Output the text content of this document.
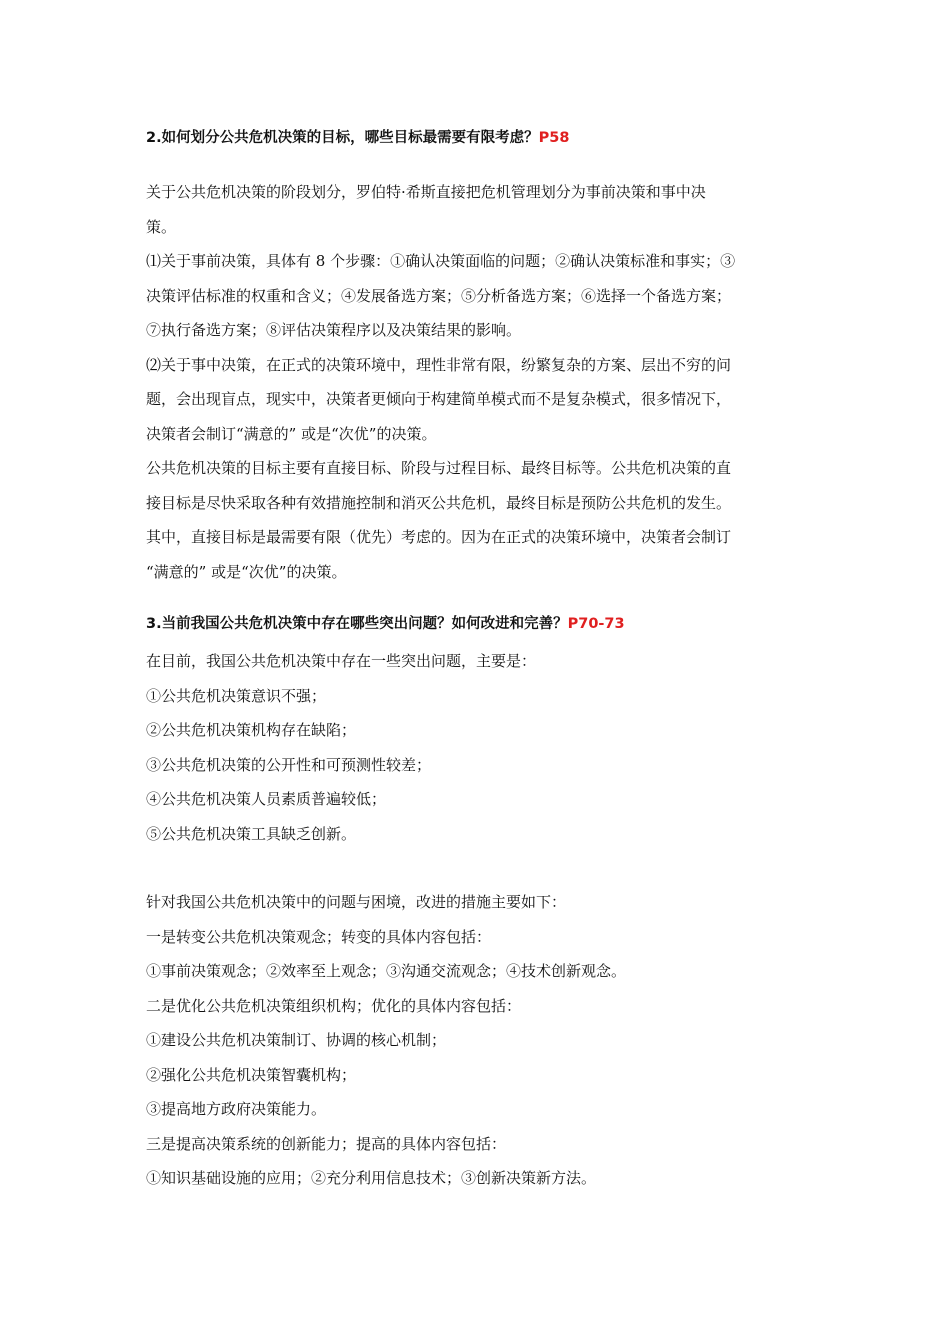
2.如何划分公共危机决策的目标，哪些目标最需要有限考虑？P58

关于公共危机决策的阶段划分，罗伯特·希斯直接把危机管理划分为事前决策和事中决

策。

⑴关于事前决策，具体有 8 个步骤：①确认决策面临的问题；②确认决策标准和事实；③

决策评估标准的权重和含义；④发展备选方案；⑤分析备选方案；⑥选择一个备选方案；

⑦执行备选方案；⑧评估决策程序以及决策结果的影响。

⑵关于事中决策，在正式的决策环境中，理性非常有限，纷繁复杂的方案、层出不穷的问

题，会出现盲点，现实中，决策者更倾向于构建简单模式而不是复杂模式，很多情况下，

决策者会制订“满意的” 或是“次优”的决策。

公共危机决策的目标主要有直接目标、阶段与过程目标、最终目标等。公共危机决策的直

接目标是尽快采取各种有效措施控制和消灭公共危机，最终目标是预防公共危机的发生。

其中，直接目标是最需要有限（优先）考虑的。因为在正式的决策环境中，决策者会制订

“满意的” 或是“次优”的决策。

3.当前我国公共危机决策中存在哪些突出问题？如何改进和完善？P70-73

在目前，我国公共危机决策中存在一些突出问题，主要是：

①公共危机决策意识不强；

②公共危机决策机构存在缺陷；

③公共危机决策的公开性和可预测性较差；

④公共危机决策人员素质普遍较低；

⑤公共危机决策工具缺乏创新。

针对我国公共危机决策中的问题与困境，改进的措施主要如下：

一是转变公共危机决策观念；转变的具体内容包括：

①事前决策观念；②效率至上观念；③沟通交流观念；④技术创新观念。

二是优化公共危机决策组织机构；优化的具体内容包括：

①建设公共危机决策制订、协调的核心机制；

②强化公共危机决策智囊机构；

③提高地方政府决策能力。

三是提高决策系统的创新能力；提高的具体内容包括：

①知识基础设施的应用；②充分利用信息技术；③创新决策新方法。
